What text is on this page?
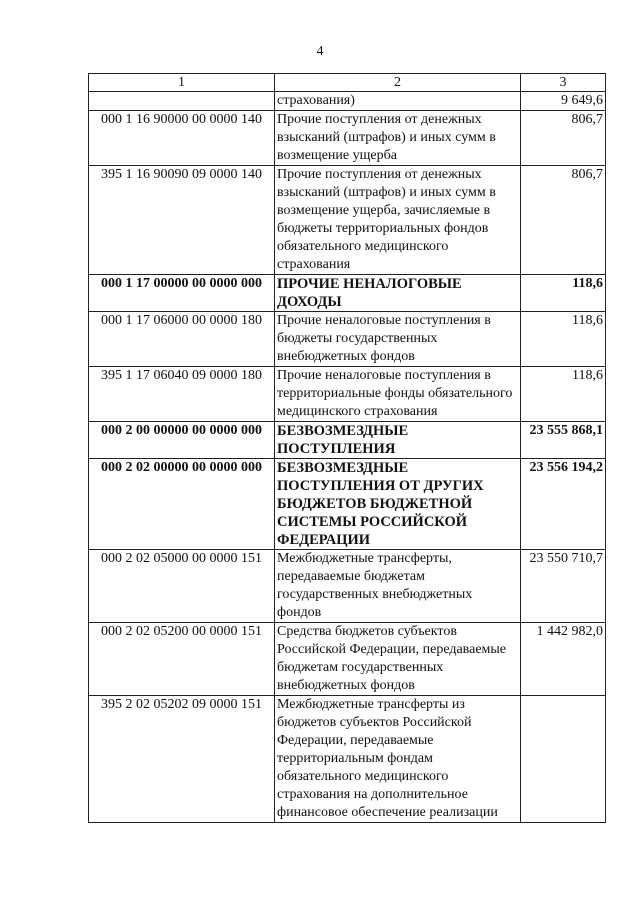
4
1	2	3
	страхования)	9 649,6
000 1 16 90000 00 0000 140	Прочие поступления от денежных взысканий (штрафов) и иных сумм в возмещение ущерба	806,7
395 1 16 90090 09 0000 140	Прочие поступления от денежных взысканий (штрафов) и иных сумм в возмещение ущерба, зачисляемые в бюджеты территориальных фондов обязательного медицинского страхования	806,7
000 1 17 00000 00 0000 000	ПРОЧИЕ НЕНАЛОГОВЫЕ ДОХОДЫ	118,6
000 1 17 06000 00 0000 180	Прочие неналоговые поступления в бюджеты государственных внебюджетных фондов	118,6
395 1 17 06040 09 0000 180	Прочие неналоговые поступления в территориальные фонды обязательного медицинского страхования	118,6
000 2 00 00000 00 0000 000	БЕЗВОЗМЕЗДНЫЕ ПОСТУПЛЕНИЯ	23 555 868,1
000 2 02 00000 00 0000 000	БЕЗВОЗМЕЗДНЫЕ ПОСТУПЛЕНИЯ ОТ ДРУГИХ БЮДЖЕТОВ БЮДЖЕТНОЙ СИСТЕМЫ РОССИЙСКОЙ ФЕДЕРАЦИИ	23 556 194,2
000 2 02 05000 00 0000 151	Межбюджетные трансферты, передаваемые бюджетам государственных внебюджетных фондов	23 550 710,7
000 2 02 05200 00 0000 151	Средства бюджетов субъектов Российской Федерации, передаваемые бюджетам государственных внебюджетных фондов	1 442 982,0
395 2 02 05202 09 0000 151	Межбюджетные трансферты из бюджетов субъектов Российской Федерации, передаваемые территориальным фондам обязательного медицинского страхования на дополнительное финансовое обеспечение реализации	
